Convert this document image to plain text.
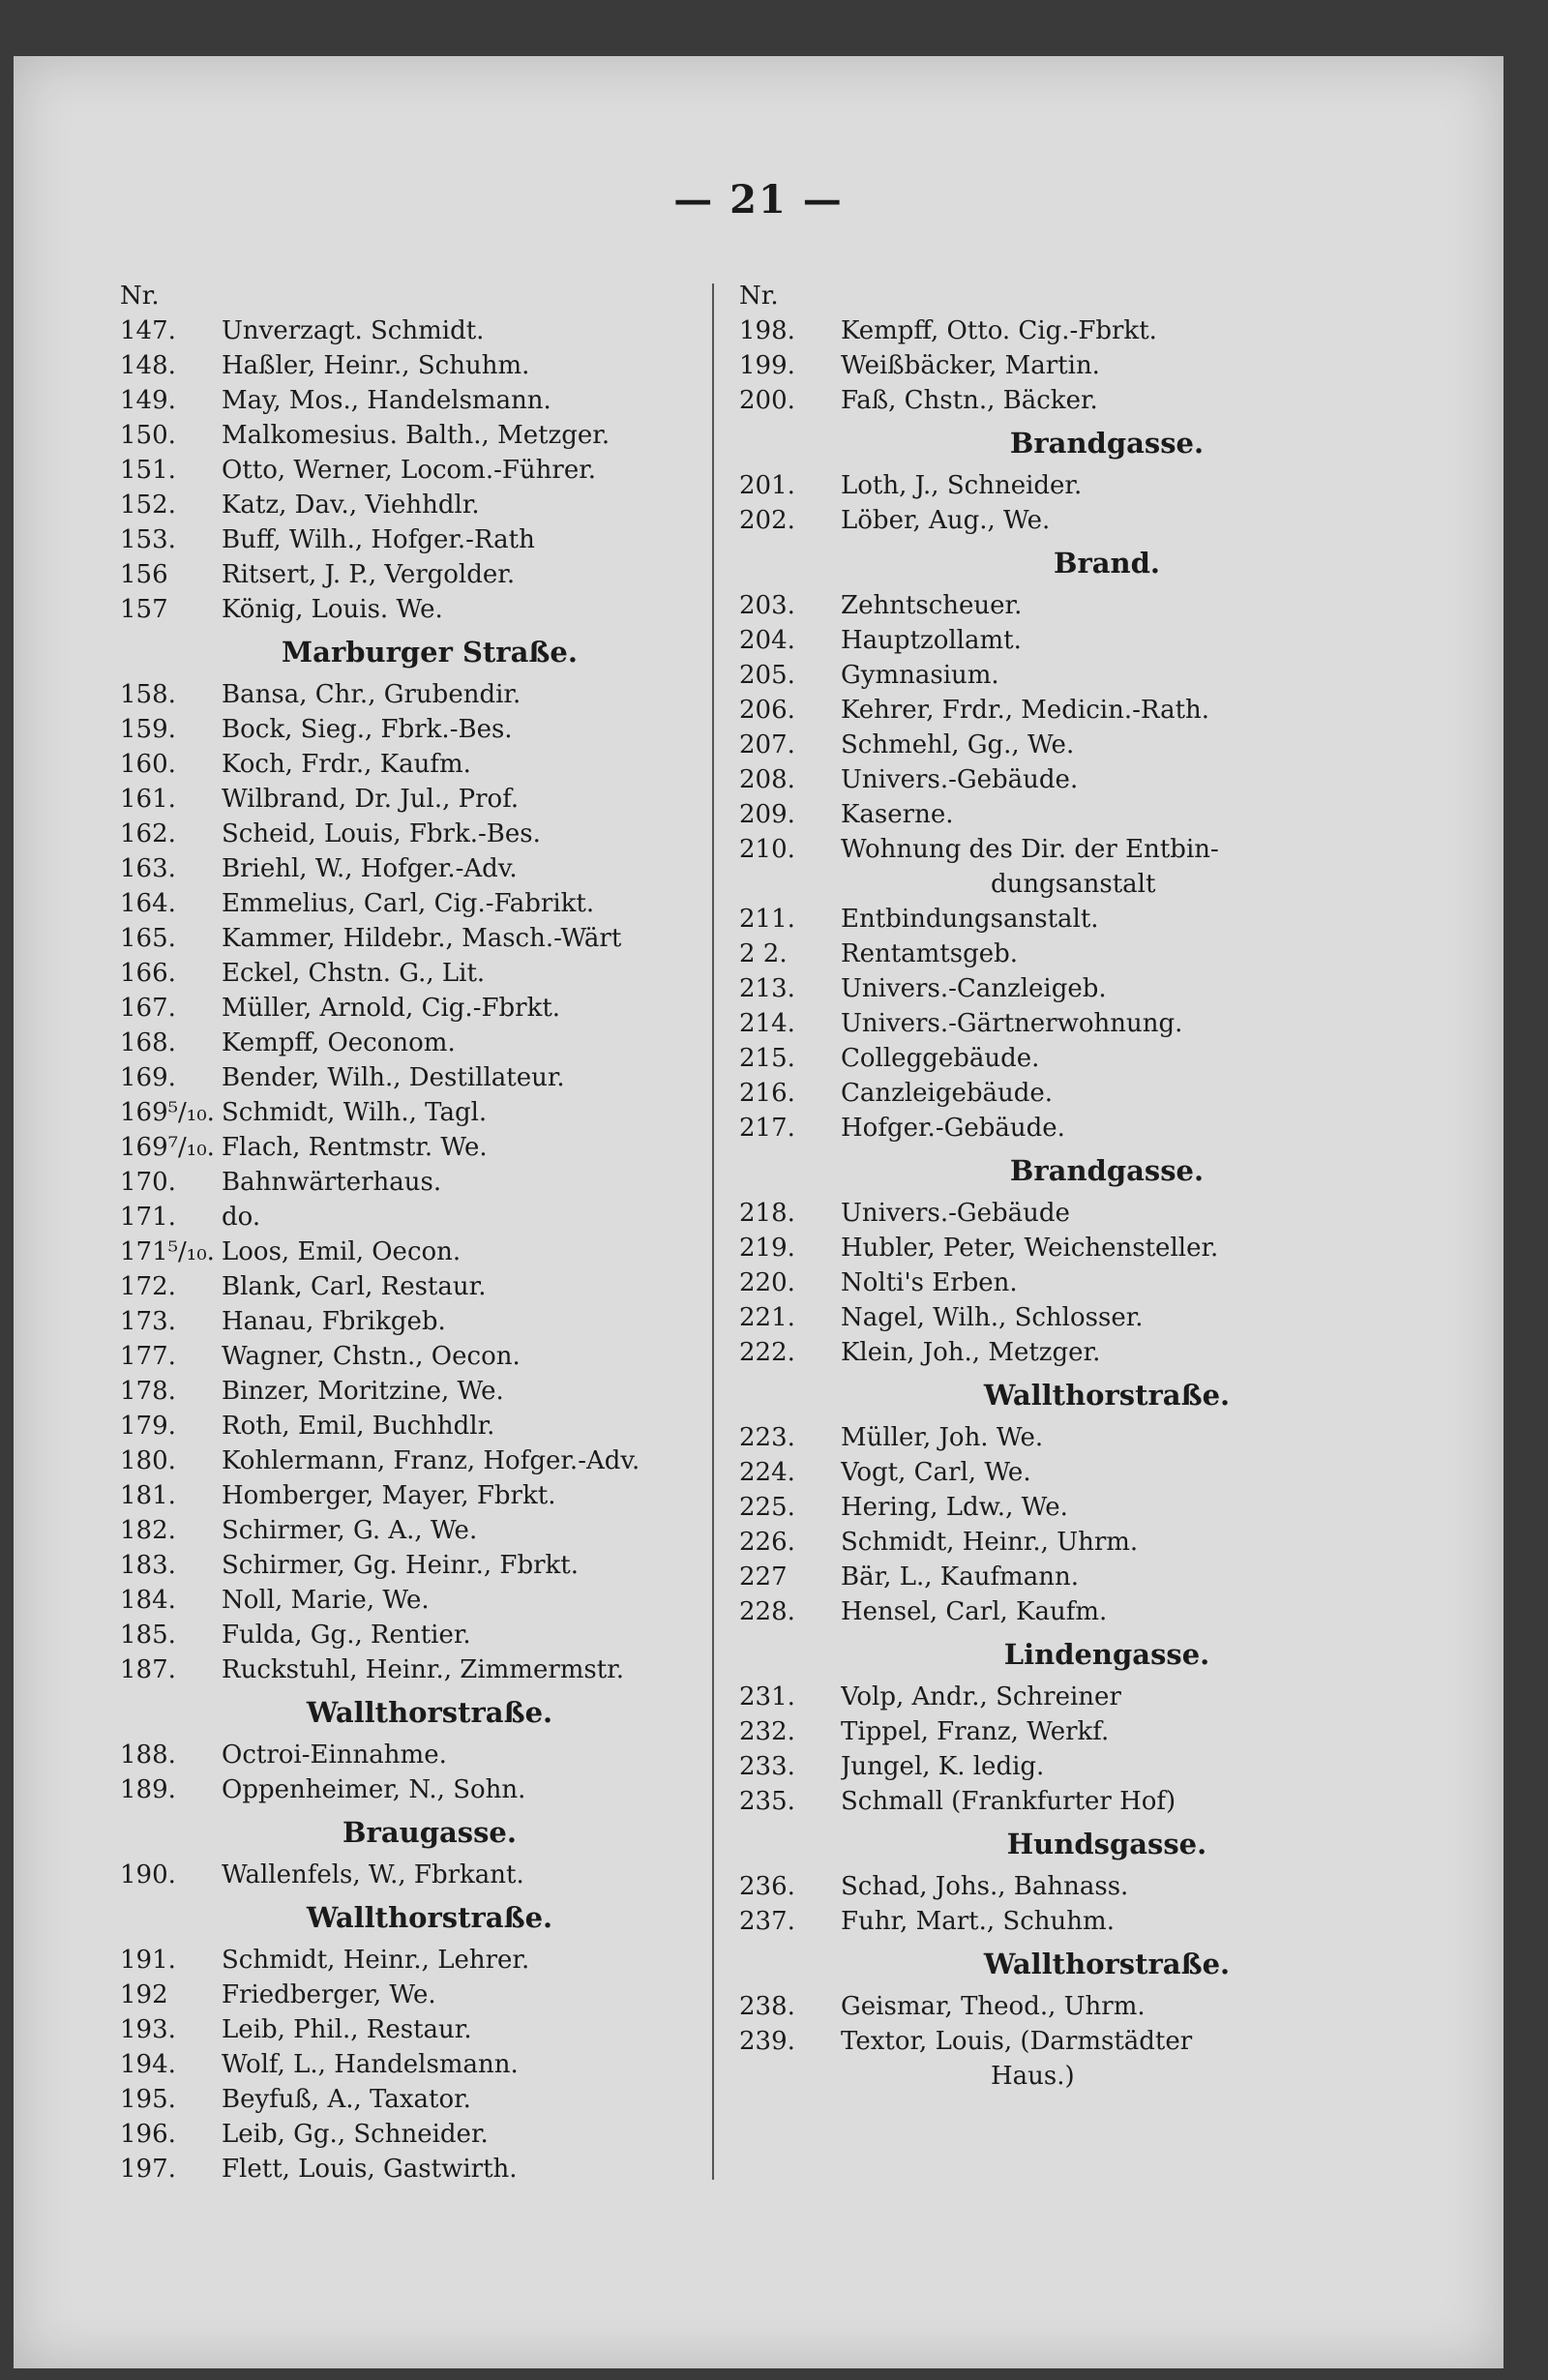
— 21 —
Nr.
147.	Unverzagt. Schmidt.
148.	Haßler, Heinr., Schuhm.
149.	May, Mos., Handelsmann.
150.	Malkomesius. Balth., Metzger.
151.	Otto, Werner, Locom.-Führer.
152.	Katz, Dav., Viehhdlr.
153.	Buff, Wilh., Hofger.-Rath
156	Ritsert, J. P., Vergolder.
157	König, Louis. We.
Marburger Straße.
158.	Bansa, Chr., Grubendir.
159.	Bock, Sieg., Fbrk.-Bes.
160.	Koch, Frdr., Kaufm.
161.	Wilbrand, Dr. Jul., Prof.
162.	Scheid, Louis, Fbrk.-Bes.
163.	Briehl, W., Hofger.-Adv.
164.	Emmelius, Carl, Cig.-Fabrikt.
165.	Kammer, Hildebr., Masch.-Wärt
166.	Eckel, Chstn. G., Lit.
167.	Müller, Arnold, Cig.-Fbrkt.
168.	Kempff, Oeconom.
169.	Bender, Wilh., Destillateur.
169⁵/₁₀. Schmidt, Wilh., Tagl.
169⁷/₁₀. Flach, Rentmstr. We.
170.	Bahnwärterhaus.
171.	do.
171⁵/₁₀. Loos, Emil, Oecon.
172.	Blank, Carl, Restaur.
173.	Hanau, Fbrikgeb.
177.	Wagner, Chstn., Oecon.
178.	Binzer, Moritzine, We.
179.	Roth, Emil, Buchhdlr.
180.	Kohlermann, Franz, Hofger.-Adv.
181.	Homberger, Mayer, Fbrkt.
182.	Schirmer, G. A., We.
183.	Schirmer, Gg. Heinr., Fbrkt.
184.	Noll, Marie, We.
185.	Fulda, Gg., Rentier.
187.	Ruckstuhl, Heinr., Zimmermstr.
Wallthorstraße.
188.	Octroi-Einnahme.
189.	Oppenheimer, N., Sohn.
Braugasse.
190.	Wallenfels, W., Fbrkant.
Wallthorstraße.
191.	Schmidt, Heinr., Lehrer.
192	Friedberger, We.
193.	Leib, Phil., Restaur.
194.	Wolf, L., Handelsmann.
195.	Beyfuß, A., Taxator.
196.	Leib, Gg., Schneider.
197.	Flett, Louis, Gastwirth.
Nr.
198.	Kempff, Otto. Cig.-Fbrkt.
199.	Weißbäcker, Martin.
200.	Faß, Chstn., Bäcker.
Brandgasse.
201.	Loth, J., Schneider.
202.	Löber, Aug., We.
Brand.
203.	Zehntscheuer.
204.	Hauptzollamt.
205.	Gymnasium.
206.	Kehrer, Frdr., Medicin.-Rath.
207.	Schmehl, Gg., We.
208.	Univers.-Gebäude.
209.	Kaserne.
210.	Wohnung des Dir. der Entbin-
dungsanstalt
211.	Entbindungsanstalt.
2 2.	Rentamtsgeb.
213.	Univers.-Canzleigeb.
214.	Univers.-Gärtnerwohnung.
215.	Colleggebäude.
216.	Canzleigebäude.
217.	Hofger.-Gebäude.
Brandgasse.
218.	Univers.-Gebäude
219.	Hubler, Peter, Weichensteller.
220.	Nolti's Erben.
221.	Nagel, Wilh., Schlosser.
222.	Klein, Joh., Metzger.
Wallthorstraße.
223.	Müller, Joh. We.
224.	Vogt, Carl, We.
225.	Hering, Ldw., We.
226.	Schmidt, Heinr., Uhrm.
227	Bär, L., Kaufmann.
228.	Hensel, Carl, Kaufm.
Lindengasse.
231.	Volp, Andr., Schreiner
232.	Tippel, Franz, Werkf.
233.	Jungel, K. ledig.
235.	Schmall (Frankfurter Hof)
Hundsgasse.
236.	Schad, Johs., Bahnass.
237.	Fuhr, Mart., Schuhm.
Wallthorstraße.
238.	Geismar, Theod., Uhrm.
239.	Textor, Louis, (Darmstädter
Haus.)
